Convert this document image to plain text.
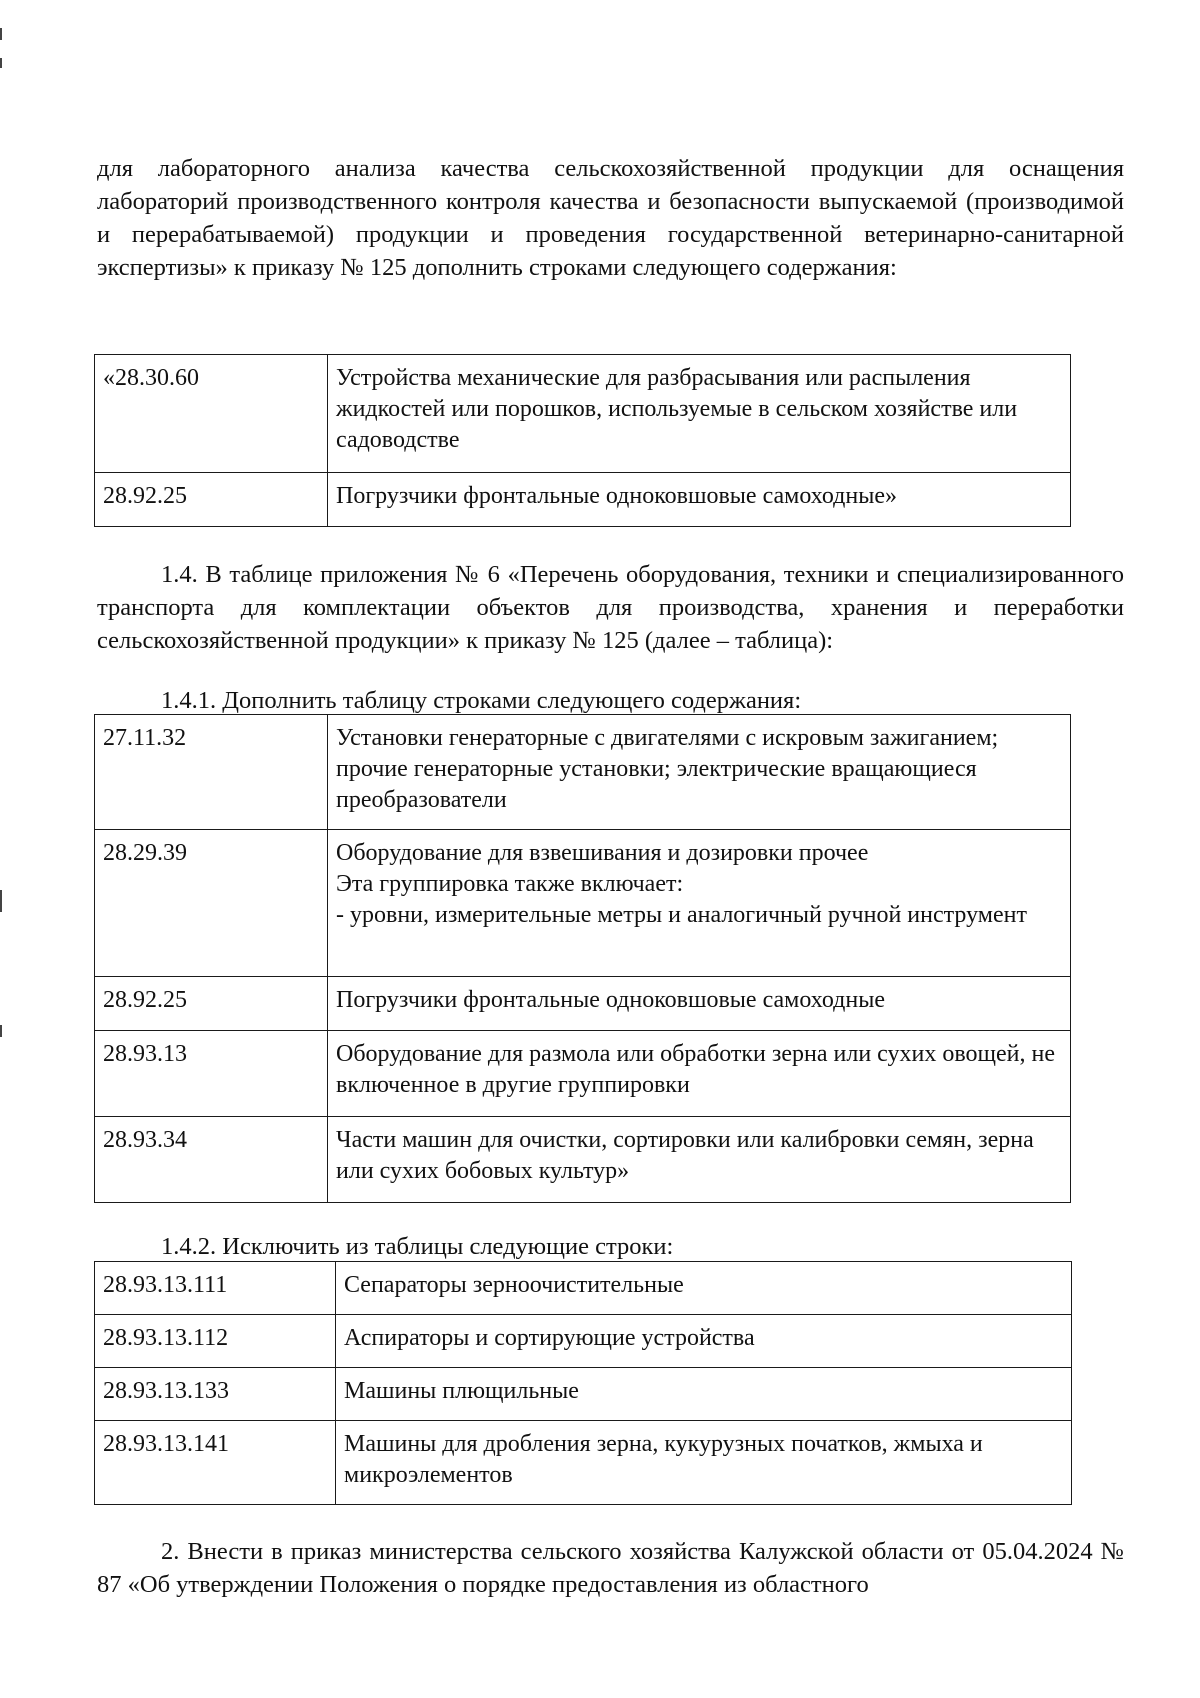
для лабораторного анализа качества сельскохозяйственной продукции для оснащения лабораторий производственного контроля качества и безопасности выпускаемой (производимой и перерабатываемой) продукции и проведения государственной ветеринарно-санитарной экспертизы» к приказу № 125 дополнить строками следующего содержания:

«28.30.60	Устройства механические для разбрасывания или распыления жидкостей или порошков, используемые в сельском хозяйстве или садоводстве
28.92.25	Погрузчики фронтальные одноковшовые самоходные»

1.4. В таблице приложения № 6 «Перечень оборудования, техники и специализированного транспорта для комплектации объектов для производства, хранения и переработки сельскохозяйственной продукции» к приказу № 125 (далее – таблица):

1.4.1. Дополнить таблицу строками следующего содержания:
27.11.32	Установки генераторные с двигателями с искровым зажиганием; прочие генераторные установки; электрические вращающиеся преобразователи
28.29.39	Оборудование для взвешивания и дозировки прочее
Эта группировка также включает:
- уровни, измерительные метры и аналогичный ручной инструмент
28.92.25	Погрузчики фронтальные одноковшовые самоходные
28.93.13	Оборудование для размола или обработки зерна или сухих овощей, не включенное в другие группировки
28.93.34	Части машин для очистки, сортировки или калибровки семян, зерна или сухих бобовых культур»
1.4.2. Исключить из таблицы следующие строки:
28.93.13.111	Сепараторы зерноочистительные
28.93.13.112	Аспираторы и сортирующие устройства
28.93.13.133	Машины плющильные
28.93.13.141	Машины для дробления зерна, кукурузных початков, жмыха и микроэлементов

2. Внести в приказ министерства сельского хозяйства Калужской области от 05.04.2024 № 87 «Об утверждении Положения о порядке предоставления из областного
